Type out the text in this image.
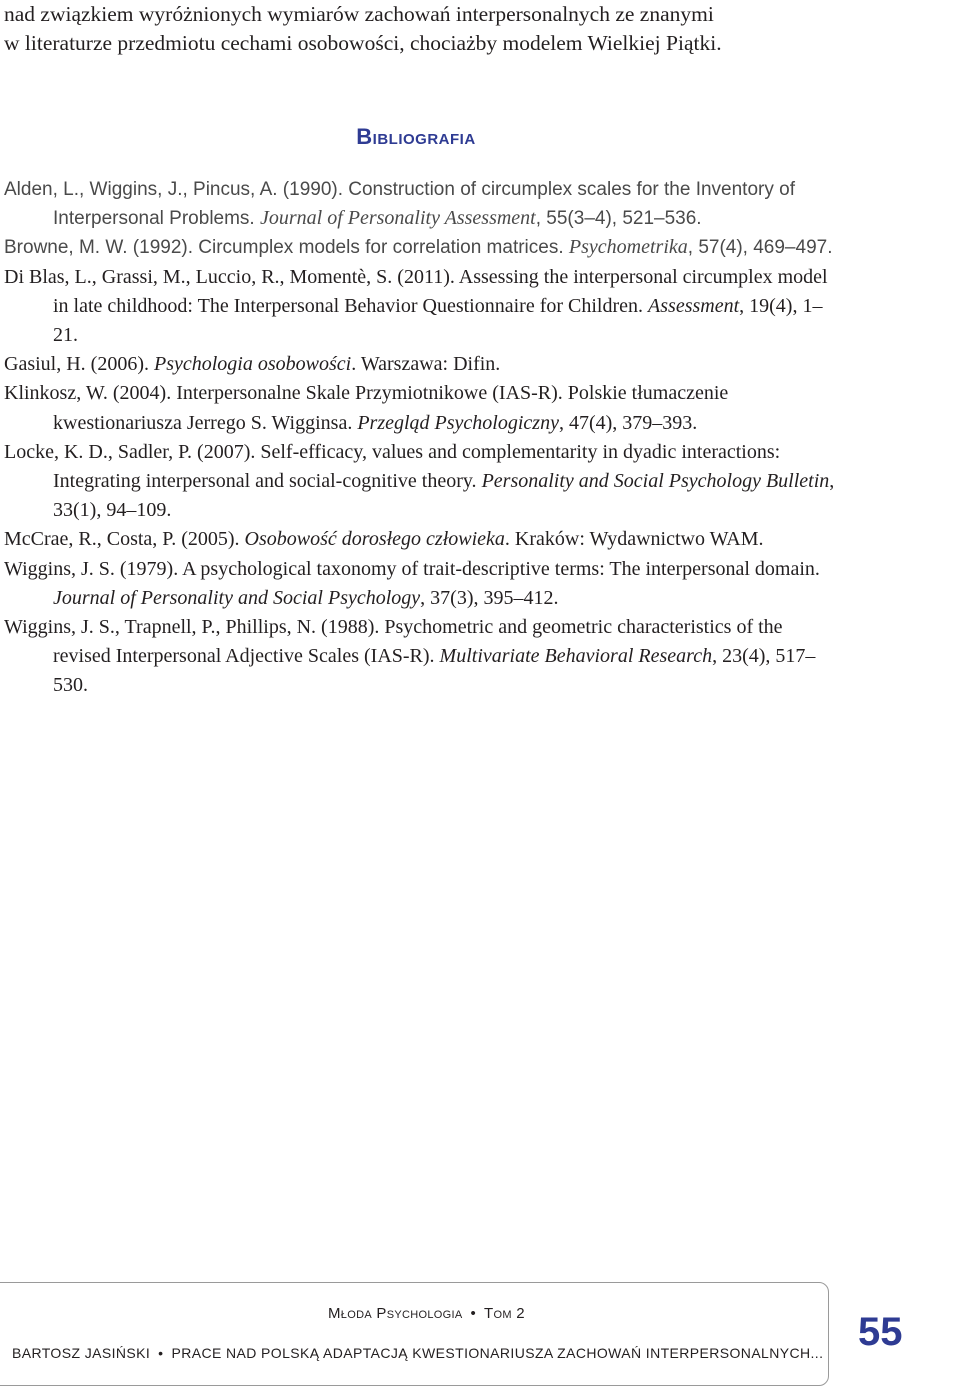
nad związkiem wyróżnionych wymiarów zachowań interpersonalnych ze znanymi

w literaturze przedmiotu cechami osobowości, chociażby modelem Wielkiej Piątki.

Bibliografia

Alden, L., Wiggins, J., Pincus, A. (1990). Construction of circumplex scales for the Inventory of Interpersonal Problems. Journal of Personality Assessment, 55(3–4), 521–536.

Browne, M. W. (1992). Circumplex models for correlation matrices. Psychometrika, 57(4), 469–497.

Di Blas, L., Grassi, M., Luccio, R., Momentè, S. (2011). Assessing the interpersonal circumplex model in late childhood: The Interpersonal Behavior Questionnaire for Children. Assessment, 19(4), 1–21.

Gasiul, H. (2006). Psychologia osobowości. Warszawa: Difin.

Klinkosz, W. (2004). Interpersonalne Skale Przymiotnikowe (IAS-R). Polskie tłumaczenie kwestionariusza Jerrego S. Wigginsa. Przegląd Psychologiczny, 47(4), 379–393.

Locke, K. D., Sadler, P. (2007). Self-efficacy, values and complementarity in dyadic interactions: Integrating interpersonal and social-cognitive theory. Personality and Social Psychology Bulletin, 33(1), 94–109.

McCrae, R., Costa, P. (2005). Osobowość dorosłego człowieka. Kraków: Wydawnictwo WAM.

Wiggins, J. S. (1979). A psychological taxonomy of trait-descriptive terms: The interpersonal domain. Journal of Personality and Social Psychology, 37(3), 395–412.

Wiggins, J. S., Trapnell, P., Phillips, N. (1988). Psychometric and geometric characteristics of the revised Interpersonal Adjective Scales (IAS-R). Multivariate Behavioral Research, 23(4), 517–530.

Młoda Psychologia • Tom 2
BARTOSZ JASIŃSKI • PRACE NAD POLSKĄ ADAPTACJĄ KWESTIONARIUSZA ZACHOWAŃ INTERPERSONALNYCH... 55
